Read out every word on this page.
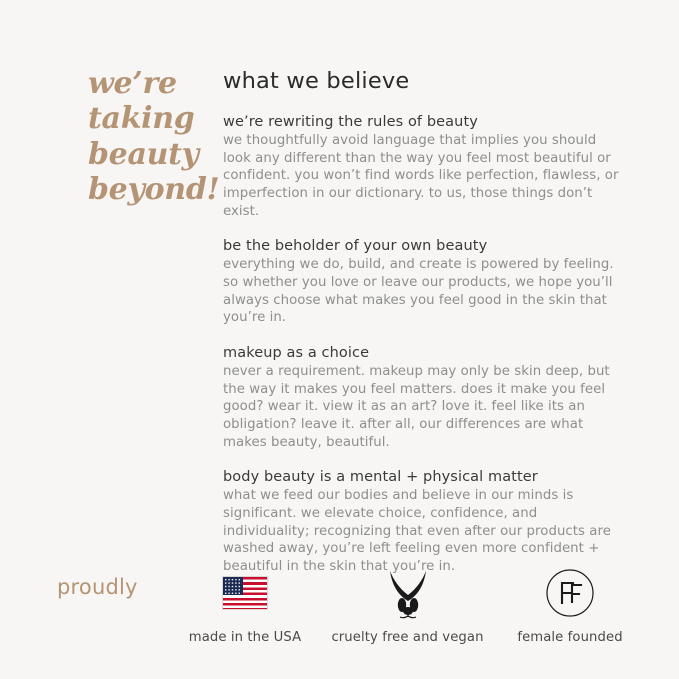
we’re
taking
beauty
beyond!
what we believe
we’re rewriting the rules of beauty

we thoughtfully avoid language that implies you should look any different than the way you feel most beautiful or confident. you won’t find words like perfection, flawless, or imperfection in our dictionary. to us, those things don’t exist.

be the beholder of your own beauty

everything we do, build, and create is powered by feeling. so whether you love or leave our products, we hope you’ll always choose what makes you feel good in the skin that you’re in.

makeup as a choice

never a requirement. makeup may only be skin deep, but the way it makes you feel matters. does it make you feel good? wear it. view it as an art? love it. feel like its an obligation? leave it. after all, our differences are what makes beauty, beautiful.

body beauty is a mental + physical matter

what we feed our bodies and believe in our minds is significant. we elevate choice, confidence, and individuality; recognizing that even after our products are washed away, you’re left feeling even more confident + beautiful in the skin that you’re in.

proudly
made in the USA	cruelty free and vegan	female founded
